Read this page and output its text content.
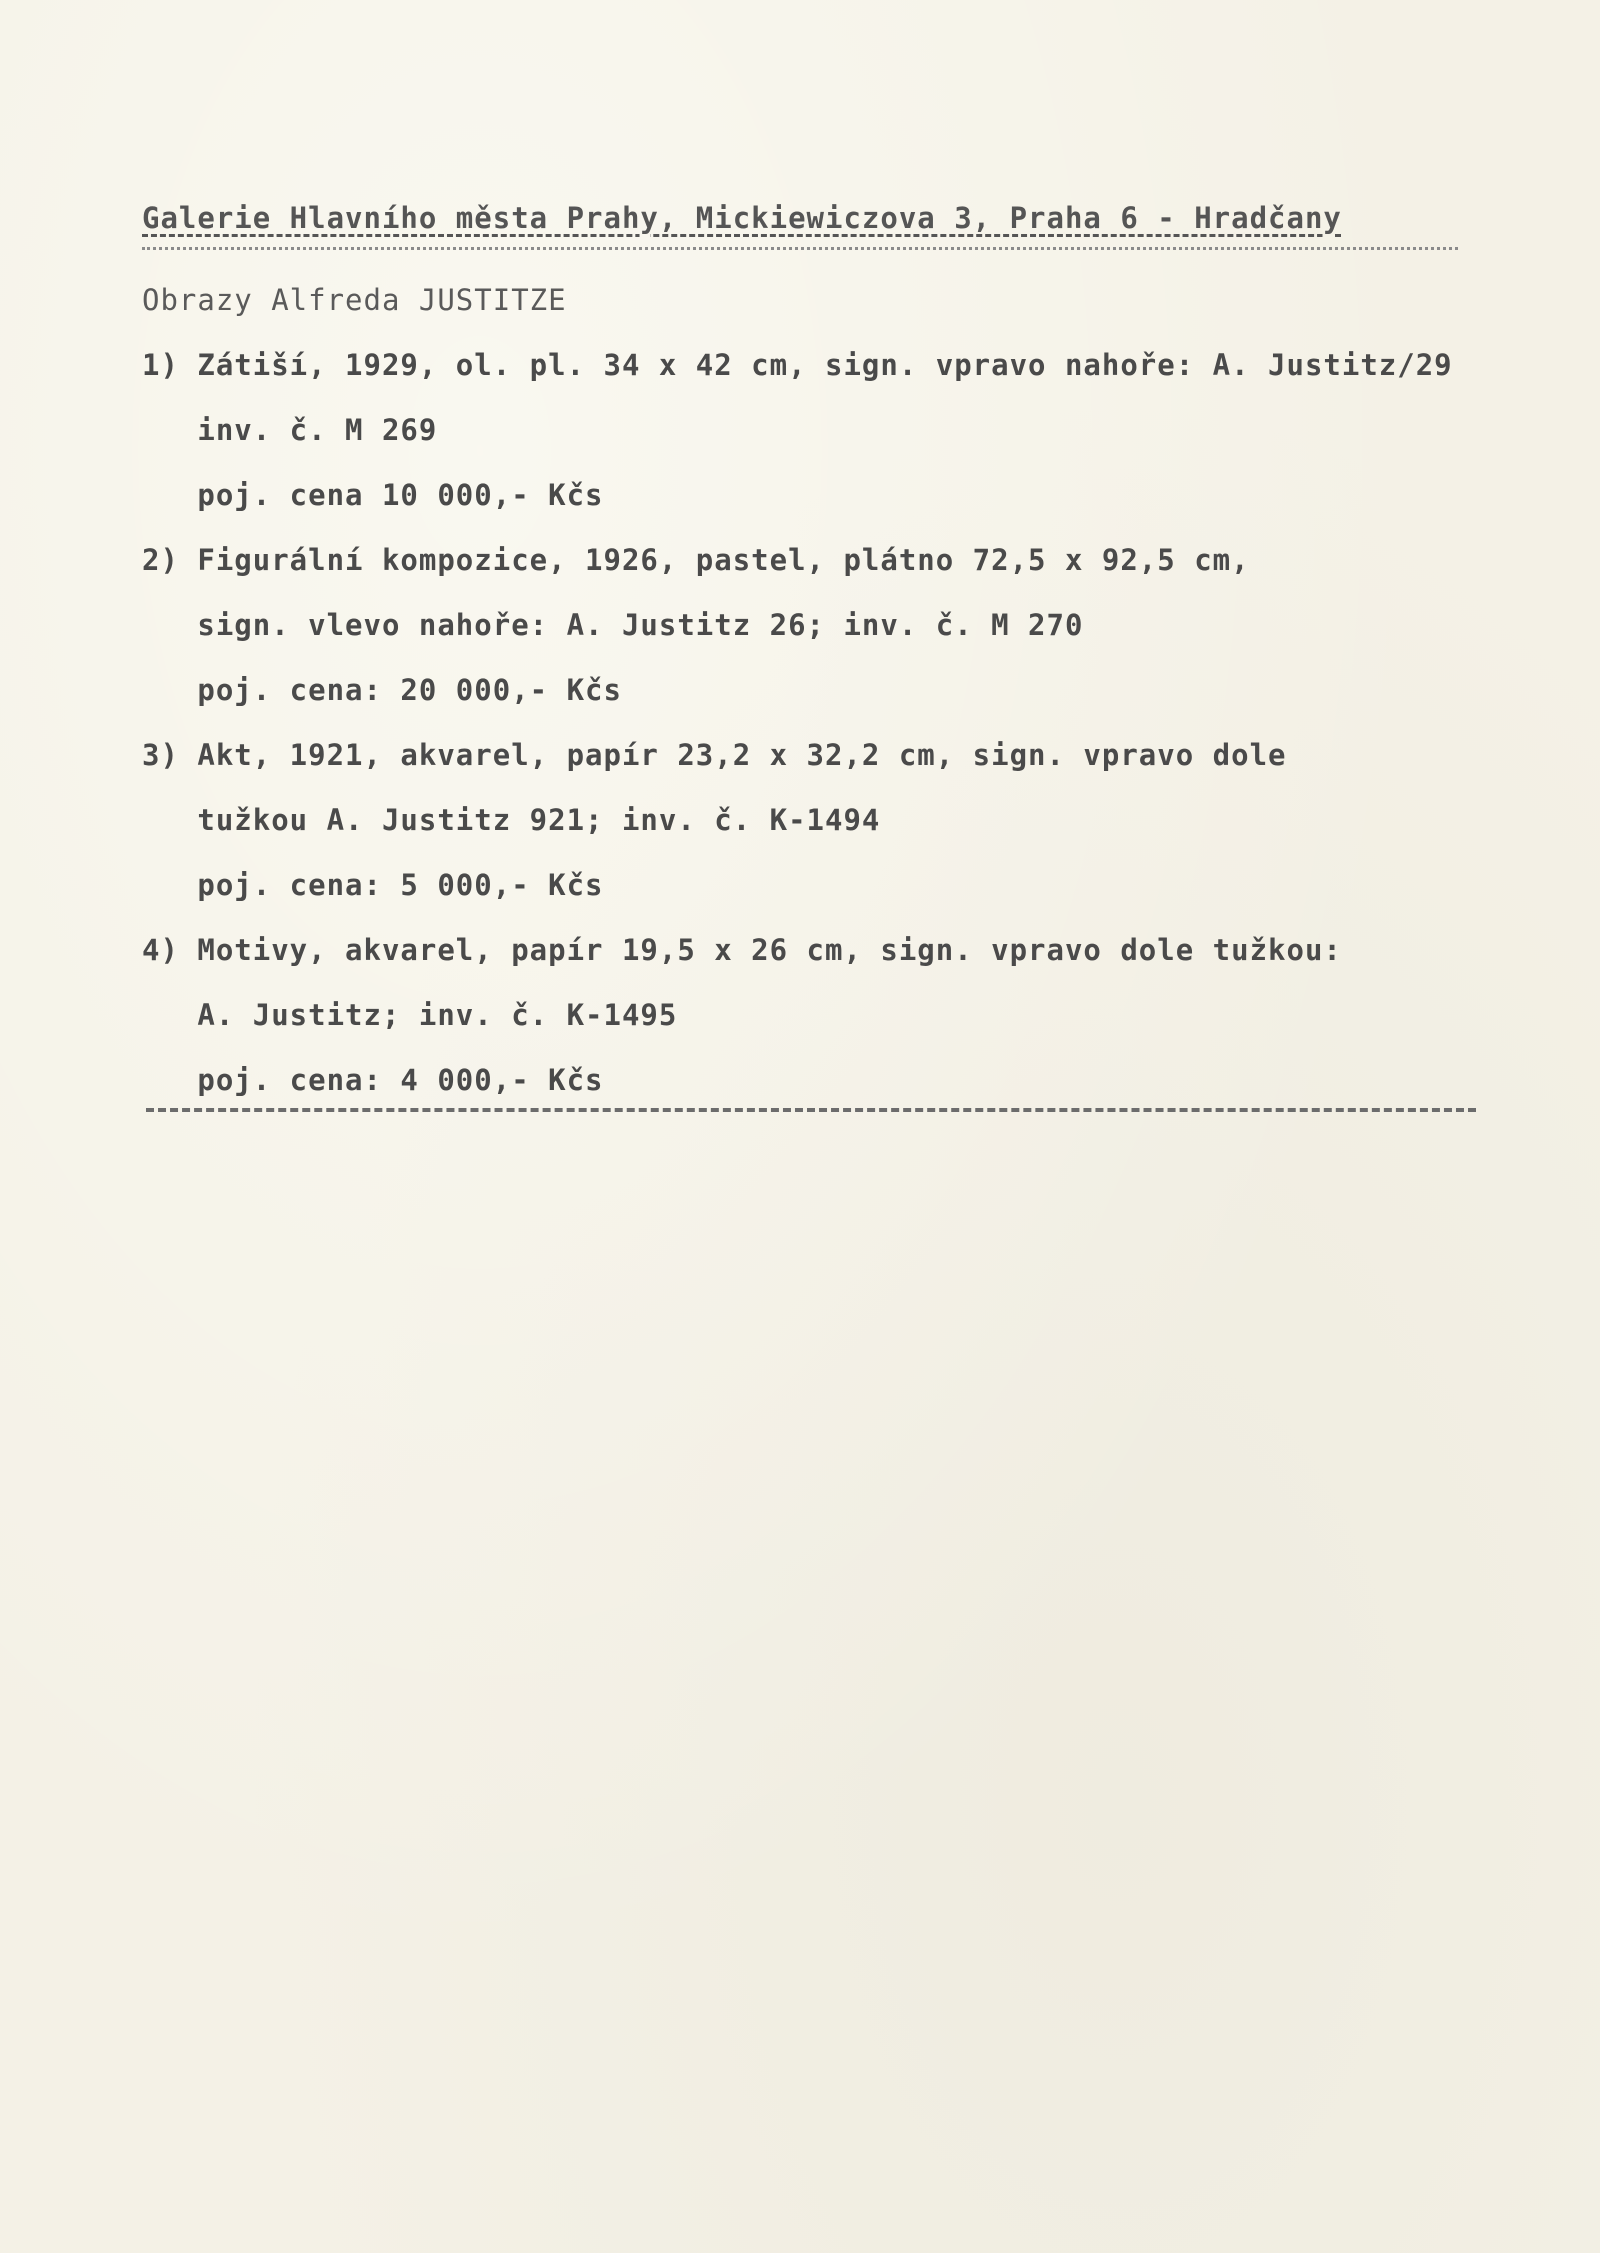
Galerie Hlavního města Prahy, Mickiewiczova 3, Praha 6 - Hradčany
Obrazy Alfreda JUSTITZE
1) Zátiší, 1929, ol. pl. 34 x 42 cm, sign. vpravo nahoře: A. Justitz/29
inv. č. M 269
poj. cena 10 000,- Kčs
2) Figurální kompozice, 1926, pastel, plátno 72,5 x 92,5 cm,
sign. vlevo nahoře: A. Justitz 26; inv. č. M 270
poj. cena: 20 000,- Kčs
3) Akt, 1921, akvarel, papír 23,2 x 32,2 cm, sign. vpravo dole
tužkou A. Justitz 921; inv. č. K-1494
poj. cena: 5 000,- Kčs
4) Motivy, akvarel, papír 19,5 x 26 cm, sign. vpravo dole tužkou:
A. Justitz; inv. č. K-1495
poj. cena: 4 000,- Kčs
